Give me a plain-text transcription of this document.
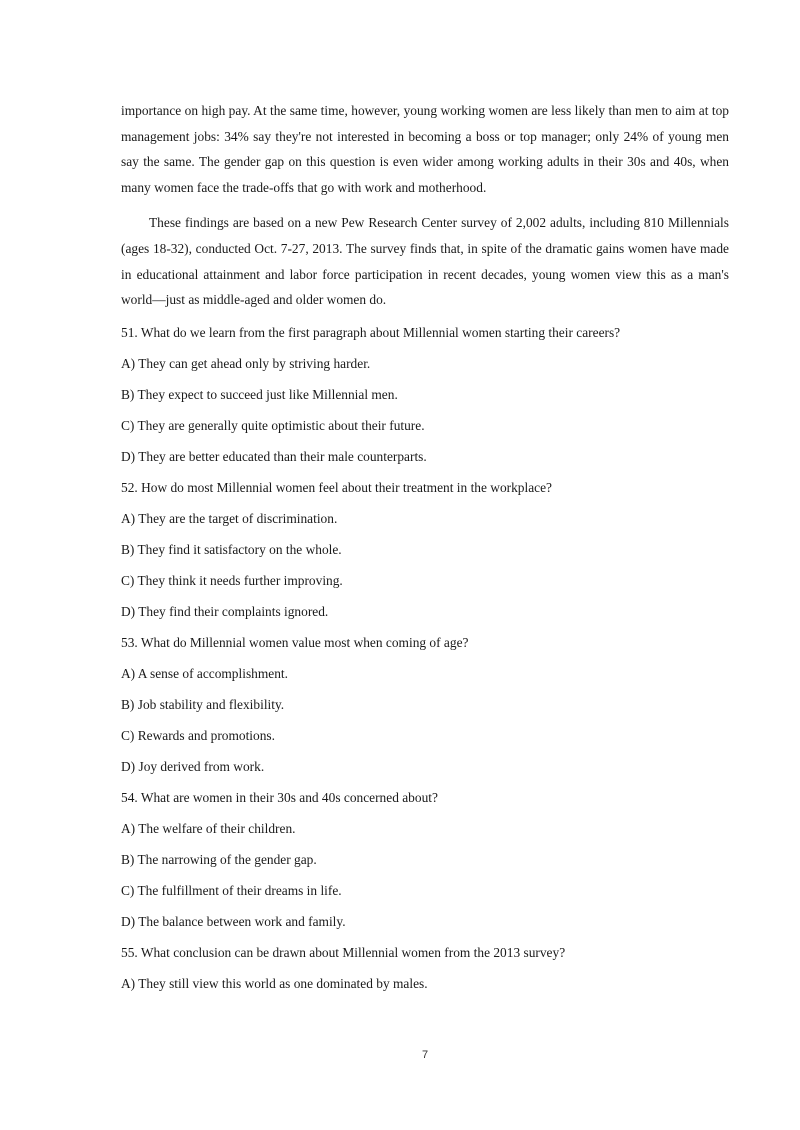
importance on high pay. At the same time, however, young working women are less likely than men to aim at top management jobs: 34% say they're not interested in becoming a boss or top manager; only 24% of young men say the same. The gender gap on this question is even wider among working adults in their 30s and 40s, when many women face the trade-offs that go with work and motherhood.

These findings are based on a new Pew Research Center survey of 2,002 adults, including 810 Millennials (ages 18-32), conducted Oct. 7-27, 2013. The survey finds that, in spite of the dramatic gains women have made in educational attainment and labor force participation in recent decades, young women view this as a man's world—just as middle-aged and older women do.

51. What do we learn from the first paragraph about Millennial women starting their careers?

A) They can get ahead only by striving harder.

B) They expect to succeed just like Millennial men.

C) They are generally quite optimistic about their future.

D) They are better educated than their male counterparts.

52. How do most Millennial women feel about their treatment in the workplace?

A) They are the target of discrimination.

B) They find it satisfactory on the whole.

C) They think it needs further improving.

D) They find their complaints ignored.

53. What do Millennial women value most when coming of age?

A) A sense of accomplishment.

B) Job stability and flexibility.

C) Rewards and promotions.

D) Joy derived from work.

54. What are women in their 30s and 40s concerned about?

A) The welfare of their children.

B) The narrowing of the gender gap.

C) The fulfillment of their dreams in life.

D) The balance between work and family.

55. What conclusion can be drawn about Millennial women from the 2013 survey?

A) They still view this world as one dominated by males.

7
